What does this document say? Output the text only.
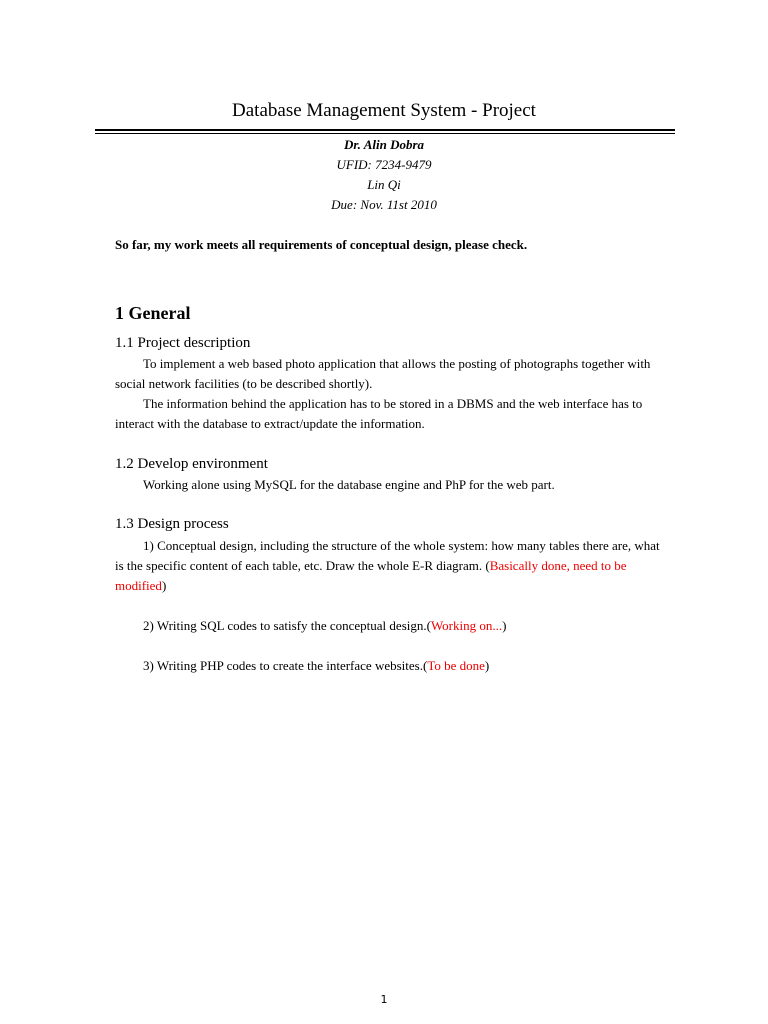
Database Management System - Project
Dr. Alin Dobra
UFID: 7234-9479
Lin Qi
Due: Nov. 11st 2010
So far, my work meets all requirements of conceptual design, please check.
1 General
1.1 Project description
To implement a web based photo application that allows the posting of photographs together with social network facilities (to be described shortly).
The information behind the application has to be stored in a DBMS and the web interface has to interact with the database to extract/update the information.
1.2 Develop environment
Working alone using MySQL for the database engine and PhP for the web part.
1.3 Design process
1) Conceptual design, including the structure of the whole system: how many tables there are, what is the specific content of each table, etc. Draw the whole E-R diagram. (Basically done, need to be modified)
2) Writing SQL codes to satisfy the conceptual design.(Working on...)
3) Writing PHP codes to create the interface websites.(To be done)
1
